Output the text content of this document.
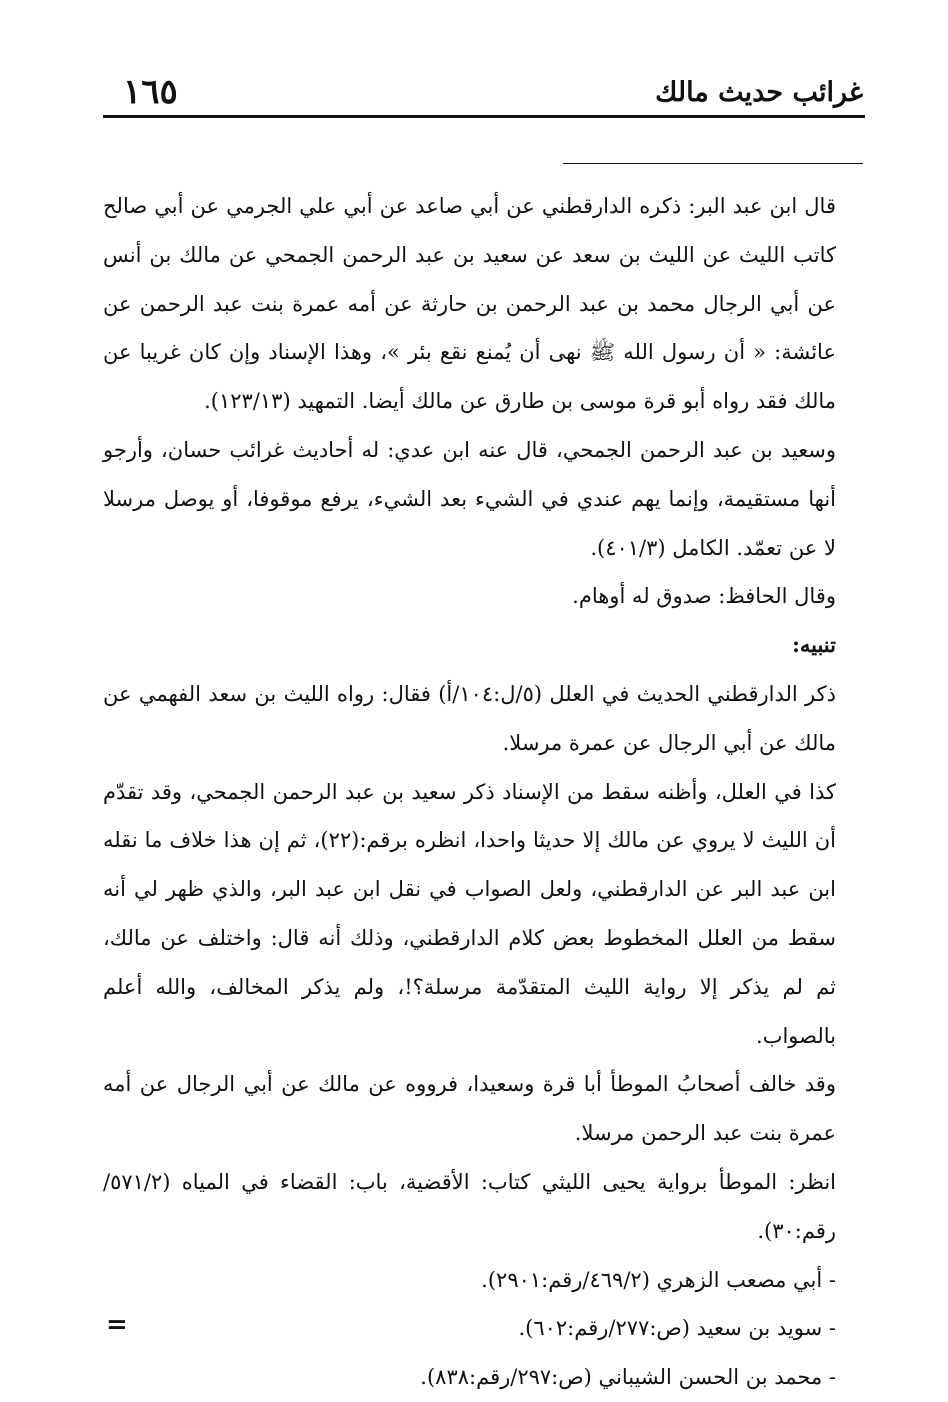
غرائب حديث مالك
١٦٥

قال ابن عبد البر: ذكره الدارقطني عن أبي صاعد عن أبي علي الجرمي عن أبي صالح كاتب الليث عن الليث بن سعد عن سعيد بن عبد الرحمن الجمحي عن مالك بن أنس عن أبي الرجال محمد بن عبد الرحمن بن حارثة عن أمه عمرة بنت عبد الرحمن عن عائشة: « أن رسول الله ﷺ نهى أن يُمنع نقع بئر »، وهذا الإسناد وإن كان غريبا عن مالك فقد رواه أبو قرة موسى بن طارق عن مالك أيضا. التمهيد (١٢٣/١٣).

وسعيد بن عبد الرحمن الجمحي، قال عنه ابن عدي: له أحاديث غرائب حسان، وأرجو أنها مستقيمة، وإنما يهم عندي في الشيء بعد الشيء، يرفع موقوفا، أو يوصل مرسلا لا عن تعمّد. الكامل (٤٠١/٣).

وقال الحافظ: صدوق له أوهام.

تنبيه:

ذكر الدارقطني الحديث في العلل (٥/ل:١٠٤/أ) فقال: رواه الليث بن سعد الفهمي عن مالك عن أبي الرجال عن عمرة مرسلا.

كذا في العلل، وأظنه سقط من الإسناد ذكر سعيد بن عبد الرحمن الجمحي، وقد تقدّم أن الليث لا يروي عن مالك إلا حديثا واحدا، انظره برقم:(٢٢)، ثم إن هذا خلاف ما نقله ابن عبد البر عن الدارقطني، ولعل الصواب في نقل ابن عبد البر، والذي ظهر لي أنه سقط من العلل المخطوط بعض كلام الدارقطني، وذلك أنه قال: واختلف عن مالك، ثم لم يذكر إلا رواية الليث المتقدّمة مرسلة؟!، ولم يذكر المخالف، والله أعلم بالصواب.

وقد خالف أصحابُ الموطأ أبا قرة وسعيدا، فرووه عن مالك عن أبي الرجال عن أمه عمرة بنت عبد الرحمن مرسلا.

انظر: الموطأ برواية يحيى الليثي كتاب: الأقضية، باب: القضاء في المياه (٥٧١/٢/رقم:٣٠).

- أبي مصعب الزهري (٤٦٩/٢/رقم:٢٩٠١).

- سويد بن سعيد (ص:٢٧٧/رقم:٦٠٢).

- محمد بن الحسن الشيباني (ص:٢٩٧/رقم:٨٣٨).

=
